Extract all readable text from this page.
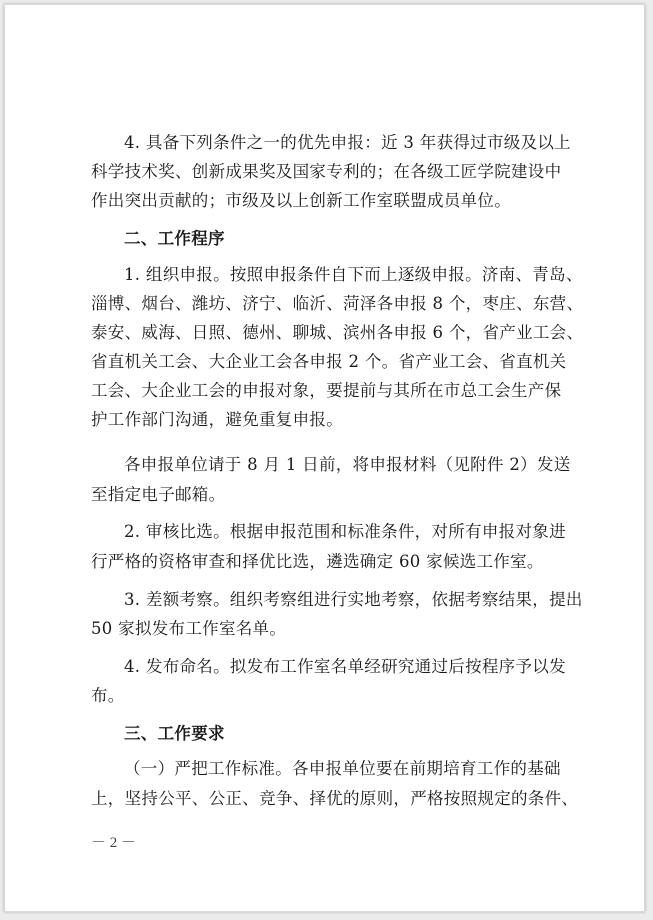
4. 具备下列条件之一的优先申报：近 3 年获得过市级及以上
科学技术奖、创新成果奖及国家专利的；在各级工匠学院建设中
作出突出贡献的；市级及以上创新工作室联盟成员单位。
二、工作程序
1. 组织申报。按照申报条件自下而上逐级申报。济南、青岛、
淄博、烟台、潍坊、济宁、临沂、菏泽各申报 8 个，枣庄、东营、
泰安、威海、日照、德州、聊城、滨州各申报 6 个，省产业工会、
省直机关工会、大企业工会各申报 2 个。省产业工会、省直机关
工会、大企业工会的申报对象，要提前与其所在市总工会生产保
护工作部门沟通，避免重复申报。
各申报单位请于 8 月 1 日前，将申报材料（见附件 2）发送
至指定电子邮箱。
2. 审核比选。根据申报范围和标准条件，对所有申报对象进
行严格的资格审查和择优比选，遴选确定 60 家候选工作室。
3. 差额考察。组织考察组进行实地考察，依据考察结果，提出
50 家拟发布工作室名单。
4. 发布命名。拟发布工作室名单经研究通过后按程序予以发
布。
三、工作要求
（一）严把工作标准。各申报单位要在前期培育工作的基础
上，坚持公平、公正、竞争、择优的原则，严格按照规定的条件、
－ 2 －
